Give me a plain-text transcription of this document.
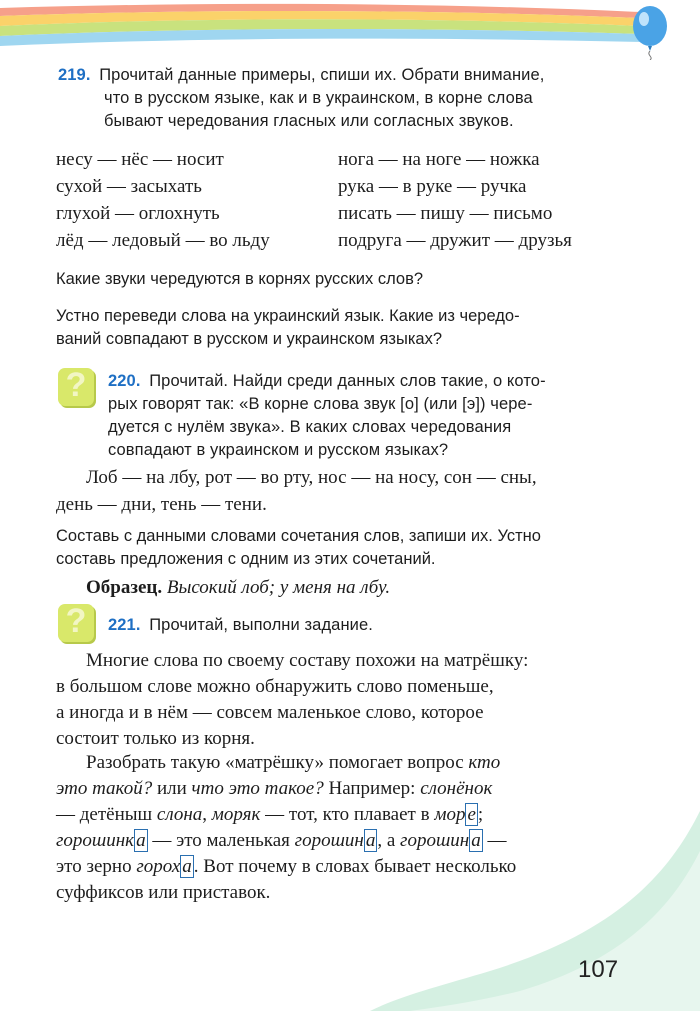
219. Прочитай данные примеры, спиши их. Обрати внимание,
что в русском языке, как и в украинском, в корне слова
бывают чередования гласных или согласных звуков.
несу — нёс — носит
сухой — засыхать
глухой — оглохнуть
лёд — ледовый — во льду
нога — на ноге — ножка
рука — в руке — ручка
писать — пишу — письмо
подруга — дружит — друзья
Какие звуки чередуются в корнях русских слов?
Устно переведи слова на украинский язык. Какие из чередо-
ваний совпадают в русском и украинском языках?
?	220. Прочитай. Найди среди данных слов такие, о кото-
рых говорят так: «В корне слова звук [о] (или [э]) чере-
дуется с нулём звука». В каких словах чередования
совпадают в украинском и русском языках?
Лоб — на лбу, рот — во рту, нос — на носу, сон — сны,
день — дни, тень — тени.
Составь с данными словами сочетания слов, запиши их. Устно
составь предложения с одним из этих сочетаний.
Образец. Высокий лоб; у меня на лбу.
?	221. Прочитай, выполни задание.
Многие слова по своему составу похожи на матрёшку:
в большом слове можно обнаружить слово поменьше,
а иногда и в нём — совсем маленькое слово, которое
состоит только из корня.
Разобрать такую «матрёшку» помогает вопрос кто
это такой? или что это такое? Например: слонёнок
— детёныш слона, моряк — тот, кто плавает в мор е ;
горошинк а — это маленькая горошин а , а горошин а —
это зерно горох а . Вот почему в словах бывает несколько
суффиксов или приставок.
107
